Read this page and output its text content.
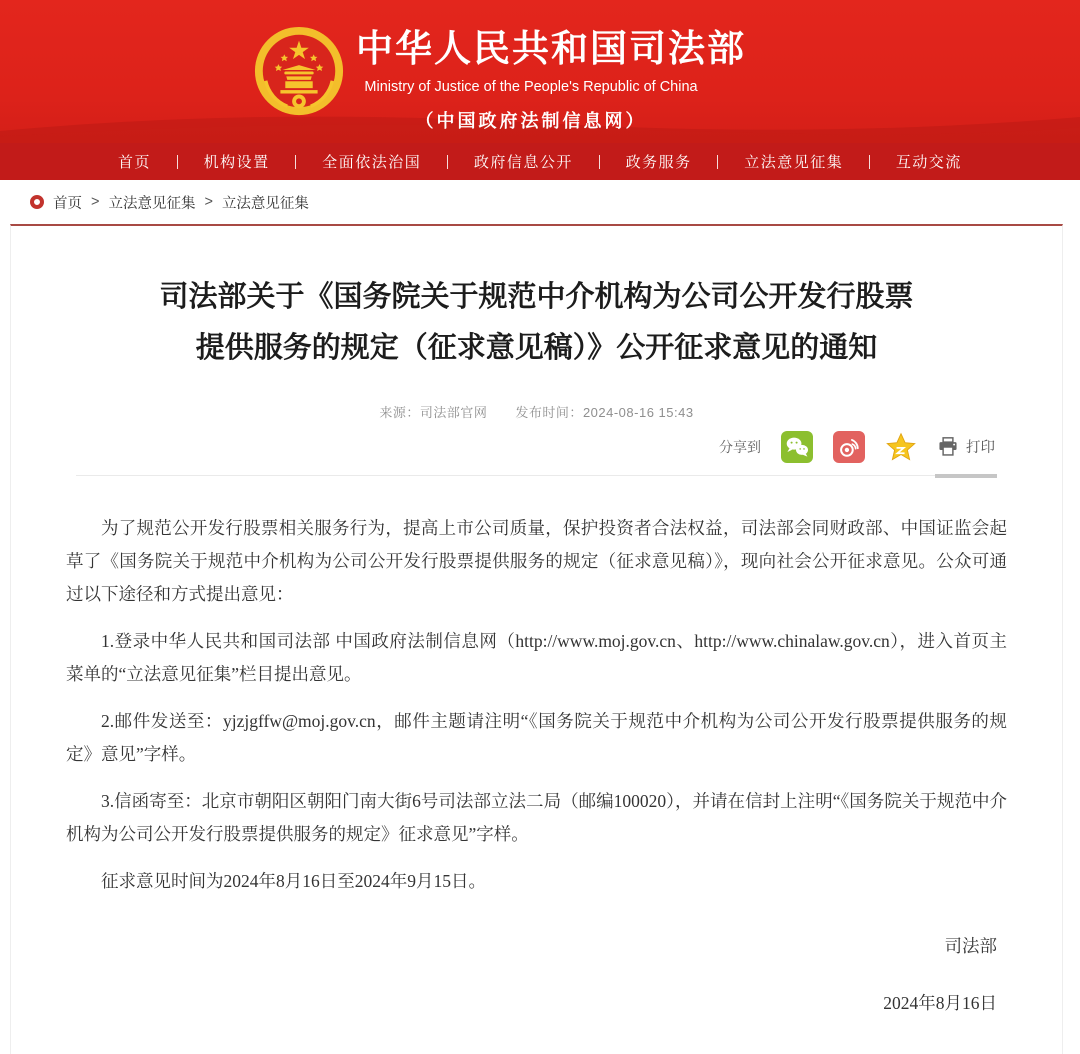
中华人民共和国司法部
Ministry of Justice of the People's Republic of China
（中国政府法制信息网）
首页	机构设置	全面依法治国	政府信息公开	政务服务	立法意见征集	互动交流
首页 > 立法意见征集 > 立法意见征集
司法部关于《国务院关于规范中介机构为公司公开发行股票
提供服务的规定（征求意见稿）》公开征求意见的通知
来源：司法部官网 发布时间：2024-08-16 15:43
分享到	打印

为了规范公开发行股票相关服务行为，提高上市公司质量，保护投资者合法权益，司法部会同财政部、中国证监会起草了《国务院关于规范中介机构为公司公开发行股票提供服务的规定（征求意见稿）》，现向社会公开征求意见。公众可通过以下途径和方式提出意见：

1.登录中华人民共和国司法部 中国政府法制信息网（http://www.moj.gov.cn、http://www.chinalaw.gov.cn），进入首页主菜单的“立法意见征集”栏目提出意见。

2.邮件发送至：yjzjgffw@moj.gov.cn，邮件主题请注明“《国务院关于规范中介机构为公司公开发行股票提供服务的规定》意见”字样。

3.信函寄至：北京市朝阳区朝阳门南大街6号司法部立法二局（邮编100020），并请在信封上注明“《国务院关于规范中介机构为公司公开发行股票提供服务的规定》征求意见”字样。

征求意见时间为2024年8月16日至2024年9月15日。

司法部

2024年8月16日
